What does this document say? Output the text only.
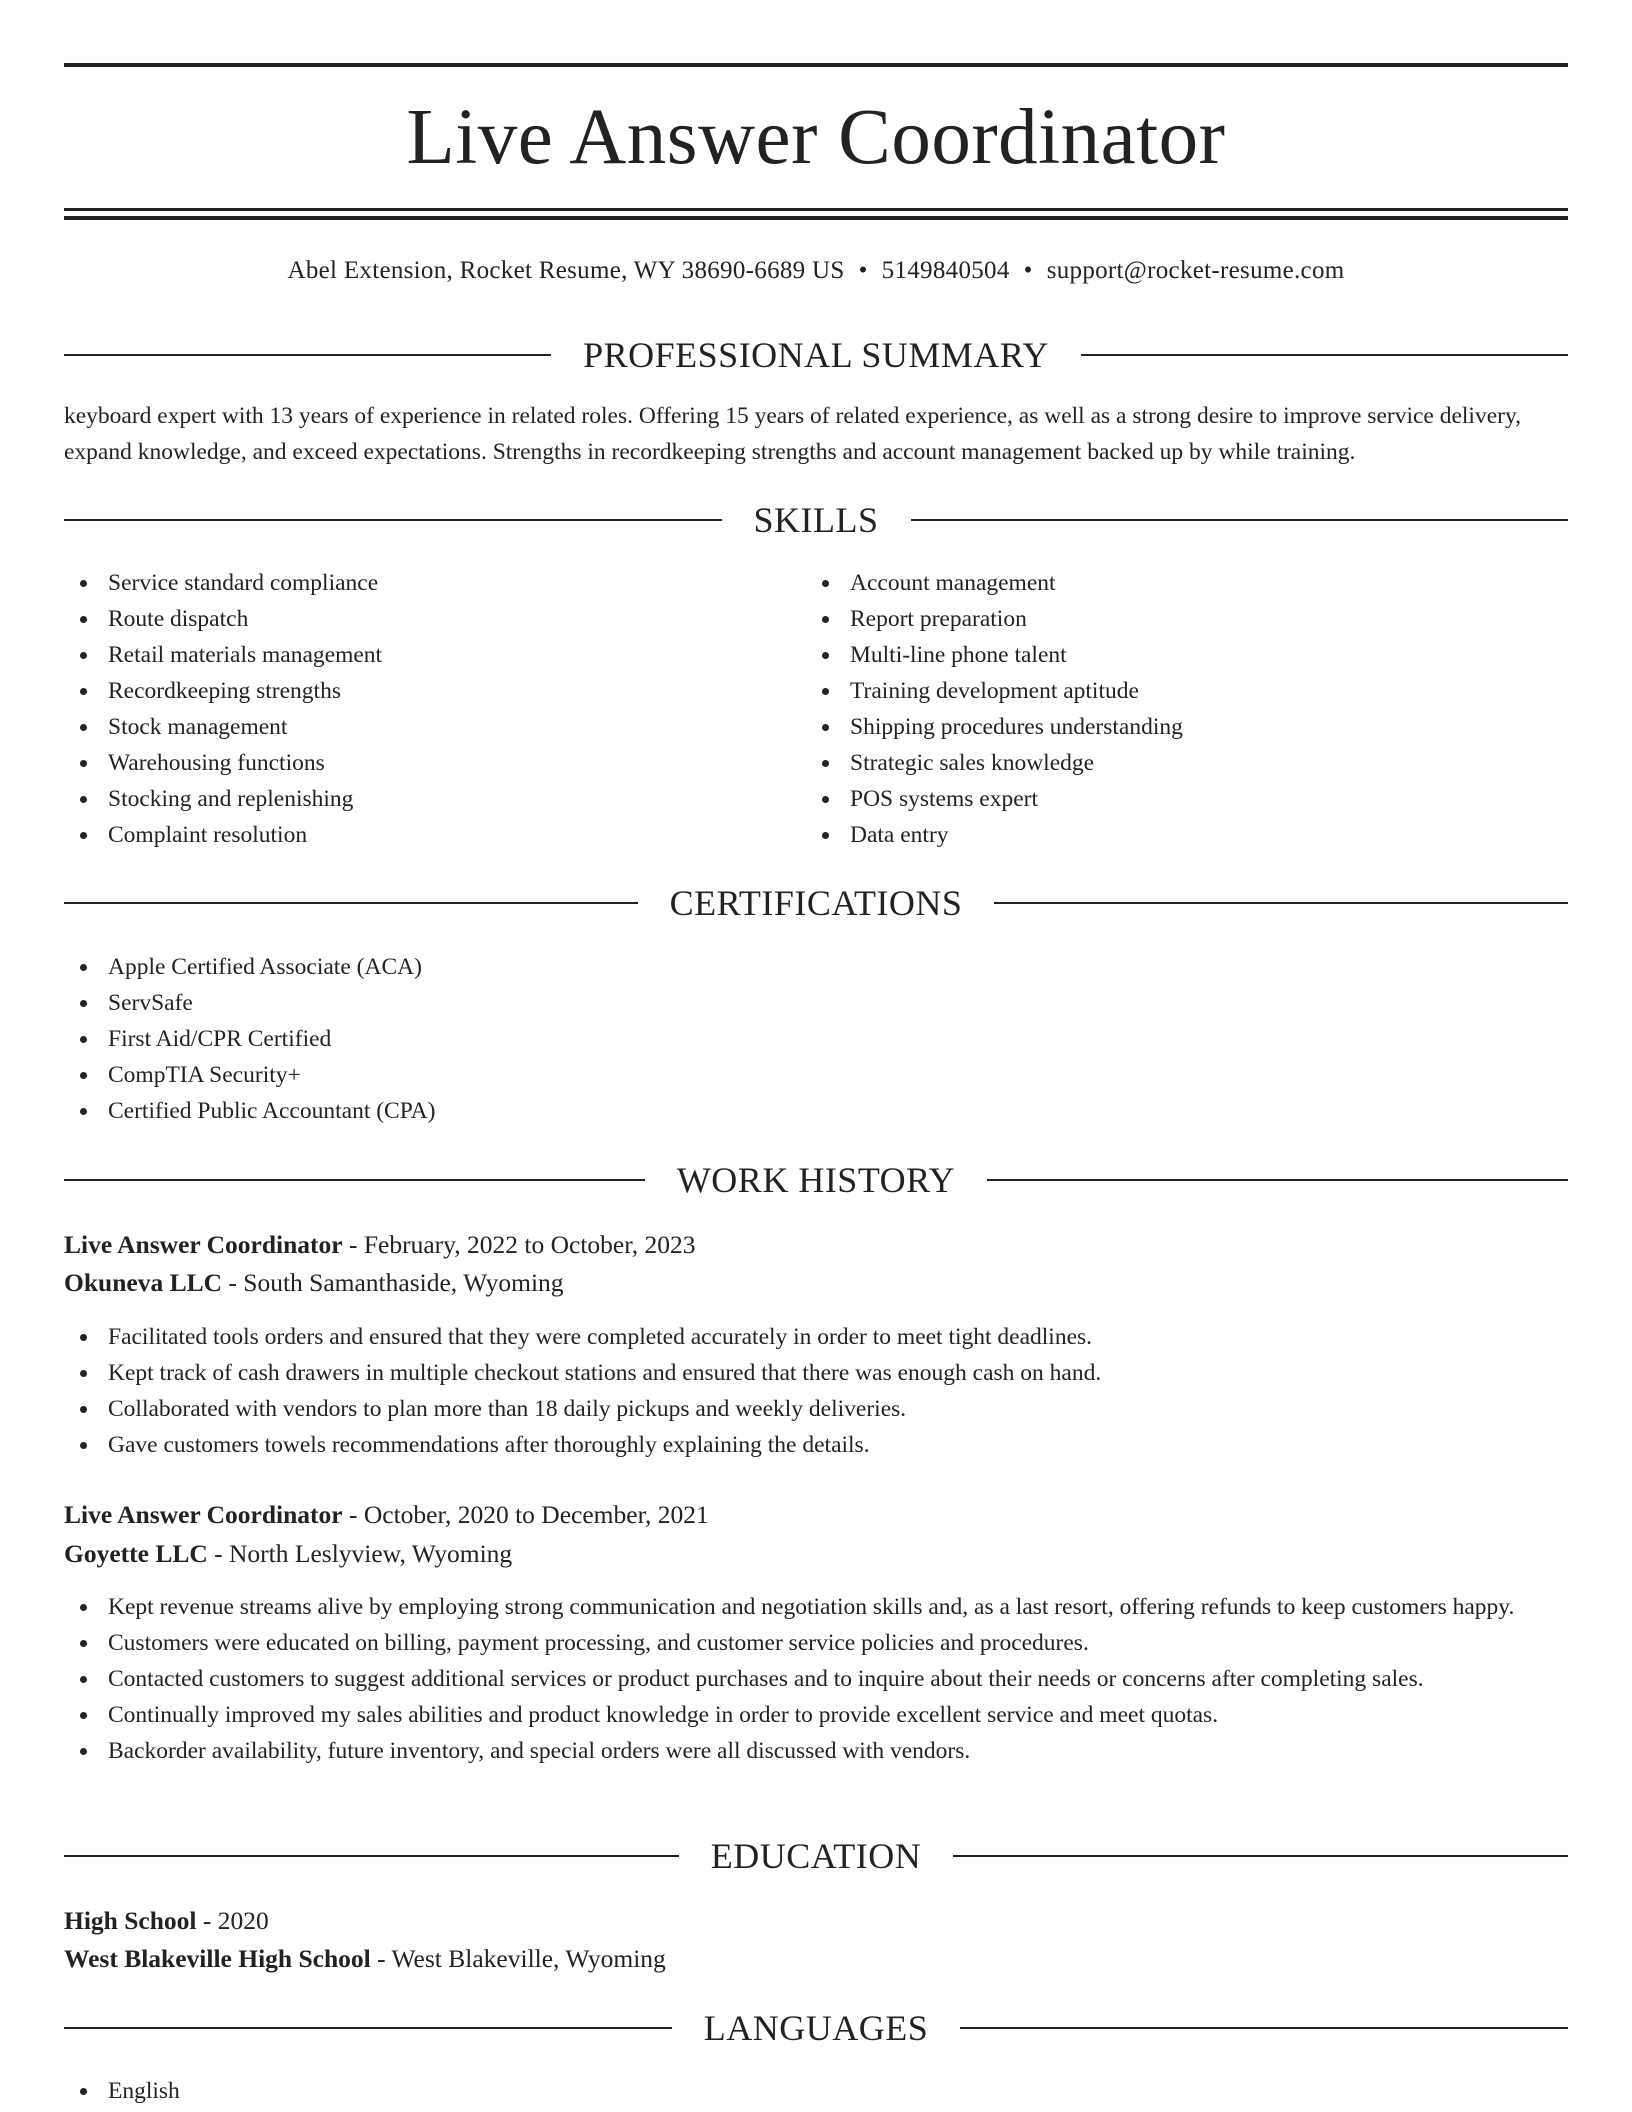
Live Answer Coordinator
Abel Extension, Rocket Resume, WY 38690-6689 US • 5149840504 • support@rocket-resume.com
PROFESSIONAL SUMMARY
keyboard expert with 13 years of experience in related roles. Offering 15 years of related experience, as well as a strong desire to improve service delivery, expand knowledge, and exceed expectations. Strengths in recordkeeping strengths and account management backed up by while training.
SKILLS
Service standard compliance
Route dispatch
Retail materials management
Recordkeeping strengths
Stock management
Warehousing functions
Stocking and replenishing
Complaint resolution
Account management
Report preparation
Multi-line phone talent
Training development aptitude
Shipping procedures understanding
Strategic sales knowledge
POS systems expert
Data entry
CERTIFICATIONS
Apple Certified Associate (ACA)
ServSafe
First Aid/CPR Certified
CompTIA Security+
Certified Public Accountant (CPA)
WORK HISTORY
Live Answer Coordinator - February, 2022 to October, 2023
Okuneva LLC - South Samanthaside, Wyoming
Facilitated tools orders and ensured that they were completed accurately in order to meet tight deadlines.
Kept track of cash drawers in multiple checkout stations and ensured that there was enough cash on hand.
Collaborated with vendors to plan more than 18 daily pickups and weekly deliveries.
Gave customers towels recommendations after thoroughly explaining the details.
Live Answer Coordinator - October, 2020 to December, 2021
Goyette LLC - North Leslyview, Wyoming
Kept revenue streams alive by employing strong communication and negotiation skills and, as a last resort, offering refunds to keep customers happy.
Customers were educated on billing, payment processing, and customer service policies and procedures.
Contacted customers to suggest additional services or product purchases and to inquire about their needs or concerns after completing sales.
Continually improved my sales abilities and product knowledge in order to provide excellent service and meet quotas.
Backorder availability, future inventory, and special orders were all discussed with vendors.
EDUCATION
High School - 2020
West Blakeville High School - West Blakeville, Wyoming
LANGUAGES
English
